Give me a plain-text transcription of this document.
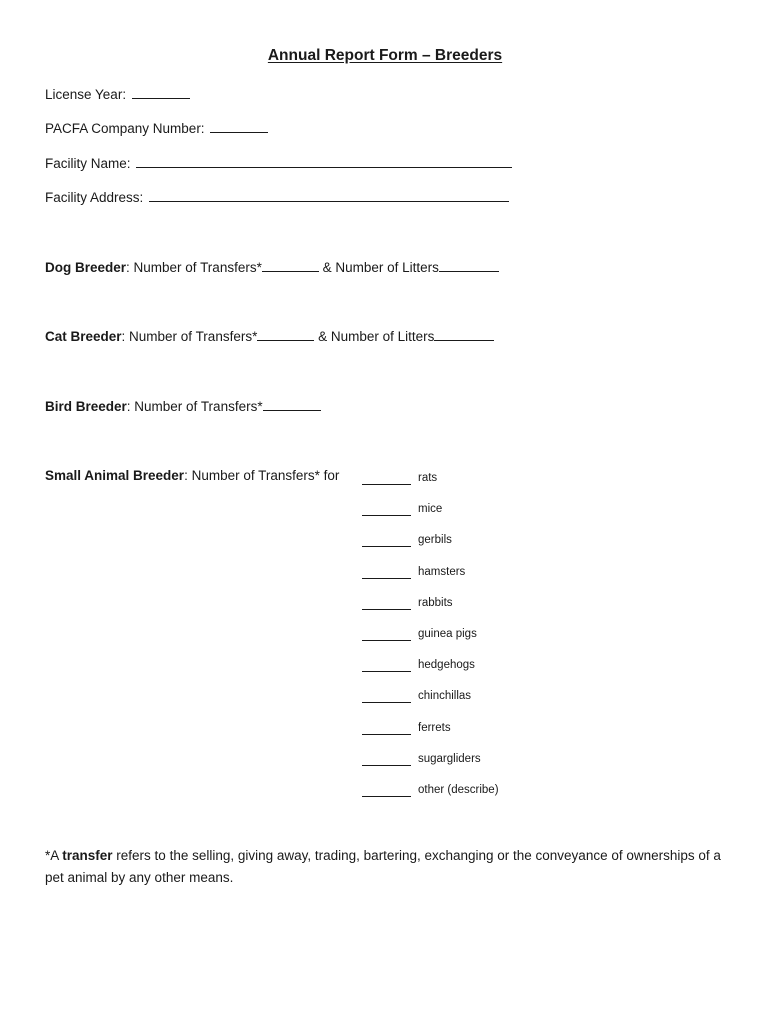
Annual Report Form – Breeders
License Year:
PACFA Company Number:
Facility Name:
Facility Address:
Dog Breeder: Number of Transfers*	& Number of Litters
Cat Breeder: Number of Transfers*	& Number of Litters
Bird Breeder: Number of Transfers*
Small Animal Breeder: Number of Transfers* for	rats
mice
gerbils
hamsters
rabbits
guinea pigs
hedgehogs
chinchillas
ferrets
sugargliders
other (describe)
*A transfer refers to the selling, giving away, trading, bartering, exchanging or the conveyance of ownerships of a pet animal by any other means.
